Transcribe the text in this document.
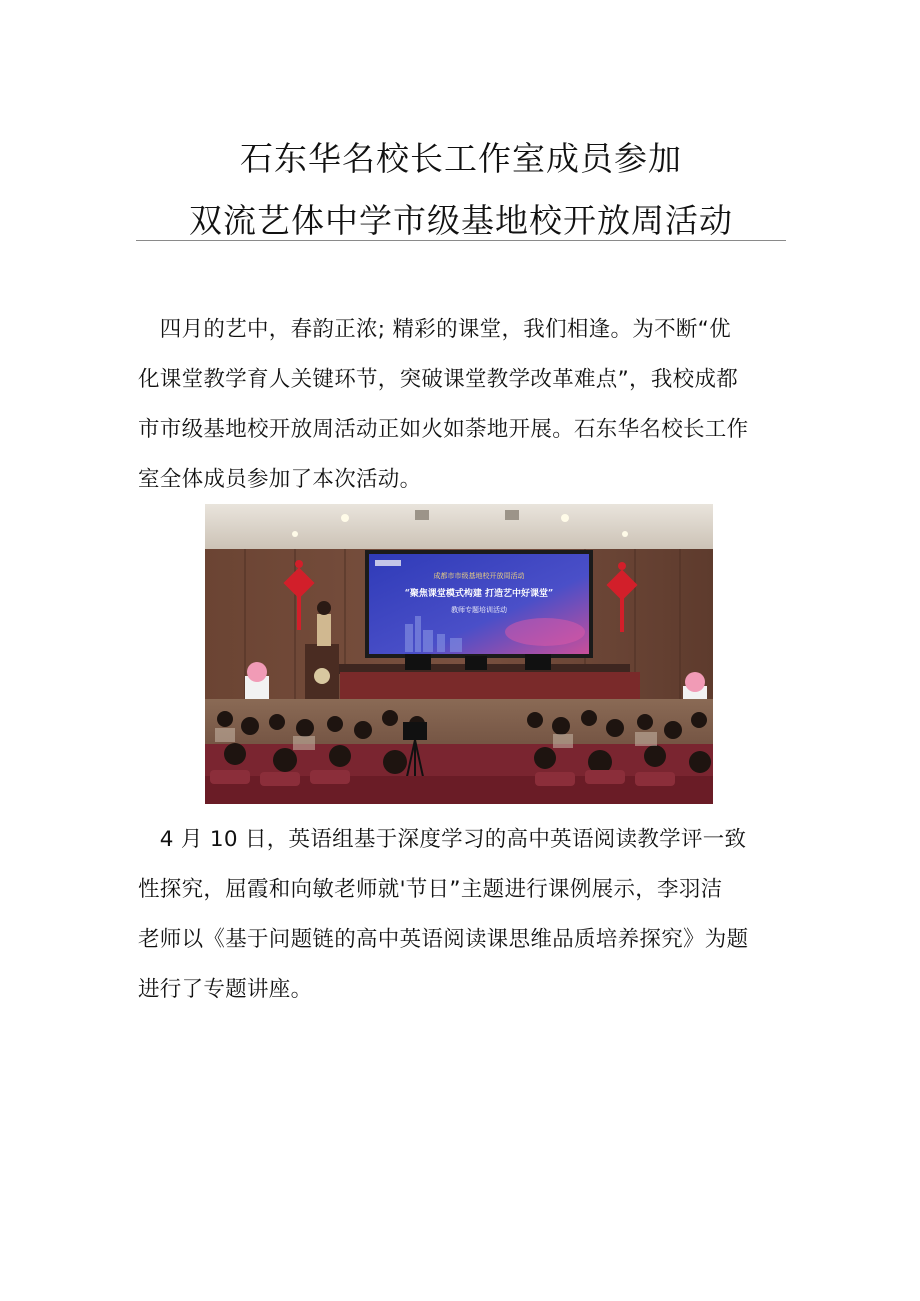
石东华名校长工作室成员参加
双流艺体中学市级基地校开放周活动

　四月的艺中，春韵正浓; 精彩的课堂，我们相逢。为不断“优
化课堂教学育人关键环节，突破课堂教学改革难点”，我校成都
市市级基地校开放周活动正如火如荼地开展。石东华名校长工作
室全体成员参加了本次活动。

成都市市级基地校开放周活动
“聚焦课堂模式构建 打造艺中好课堂”
教师专题培训活动

　4 月 10 日，英语组基于深度学习的高中英语阅读教学评一致
性探究，屈霞和向敏老师就'节日”主题进行课例展示，李羽洁
老师以《基于问题链的高中英语阅读课思维品质培养探究》为题
进行了专题讲座。
